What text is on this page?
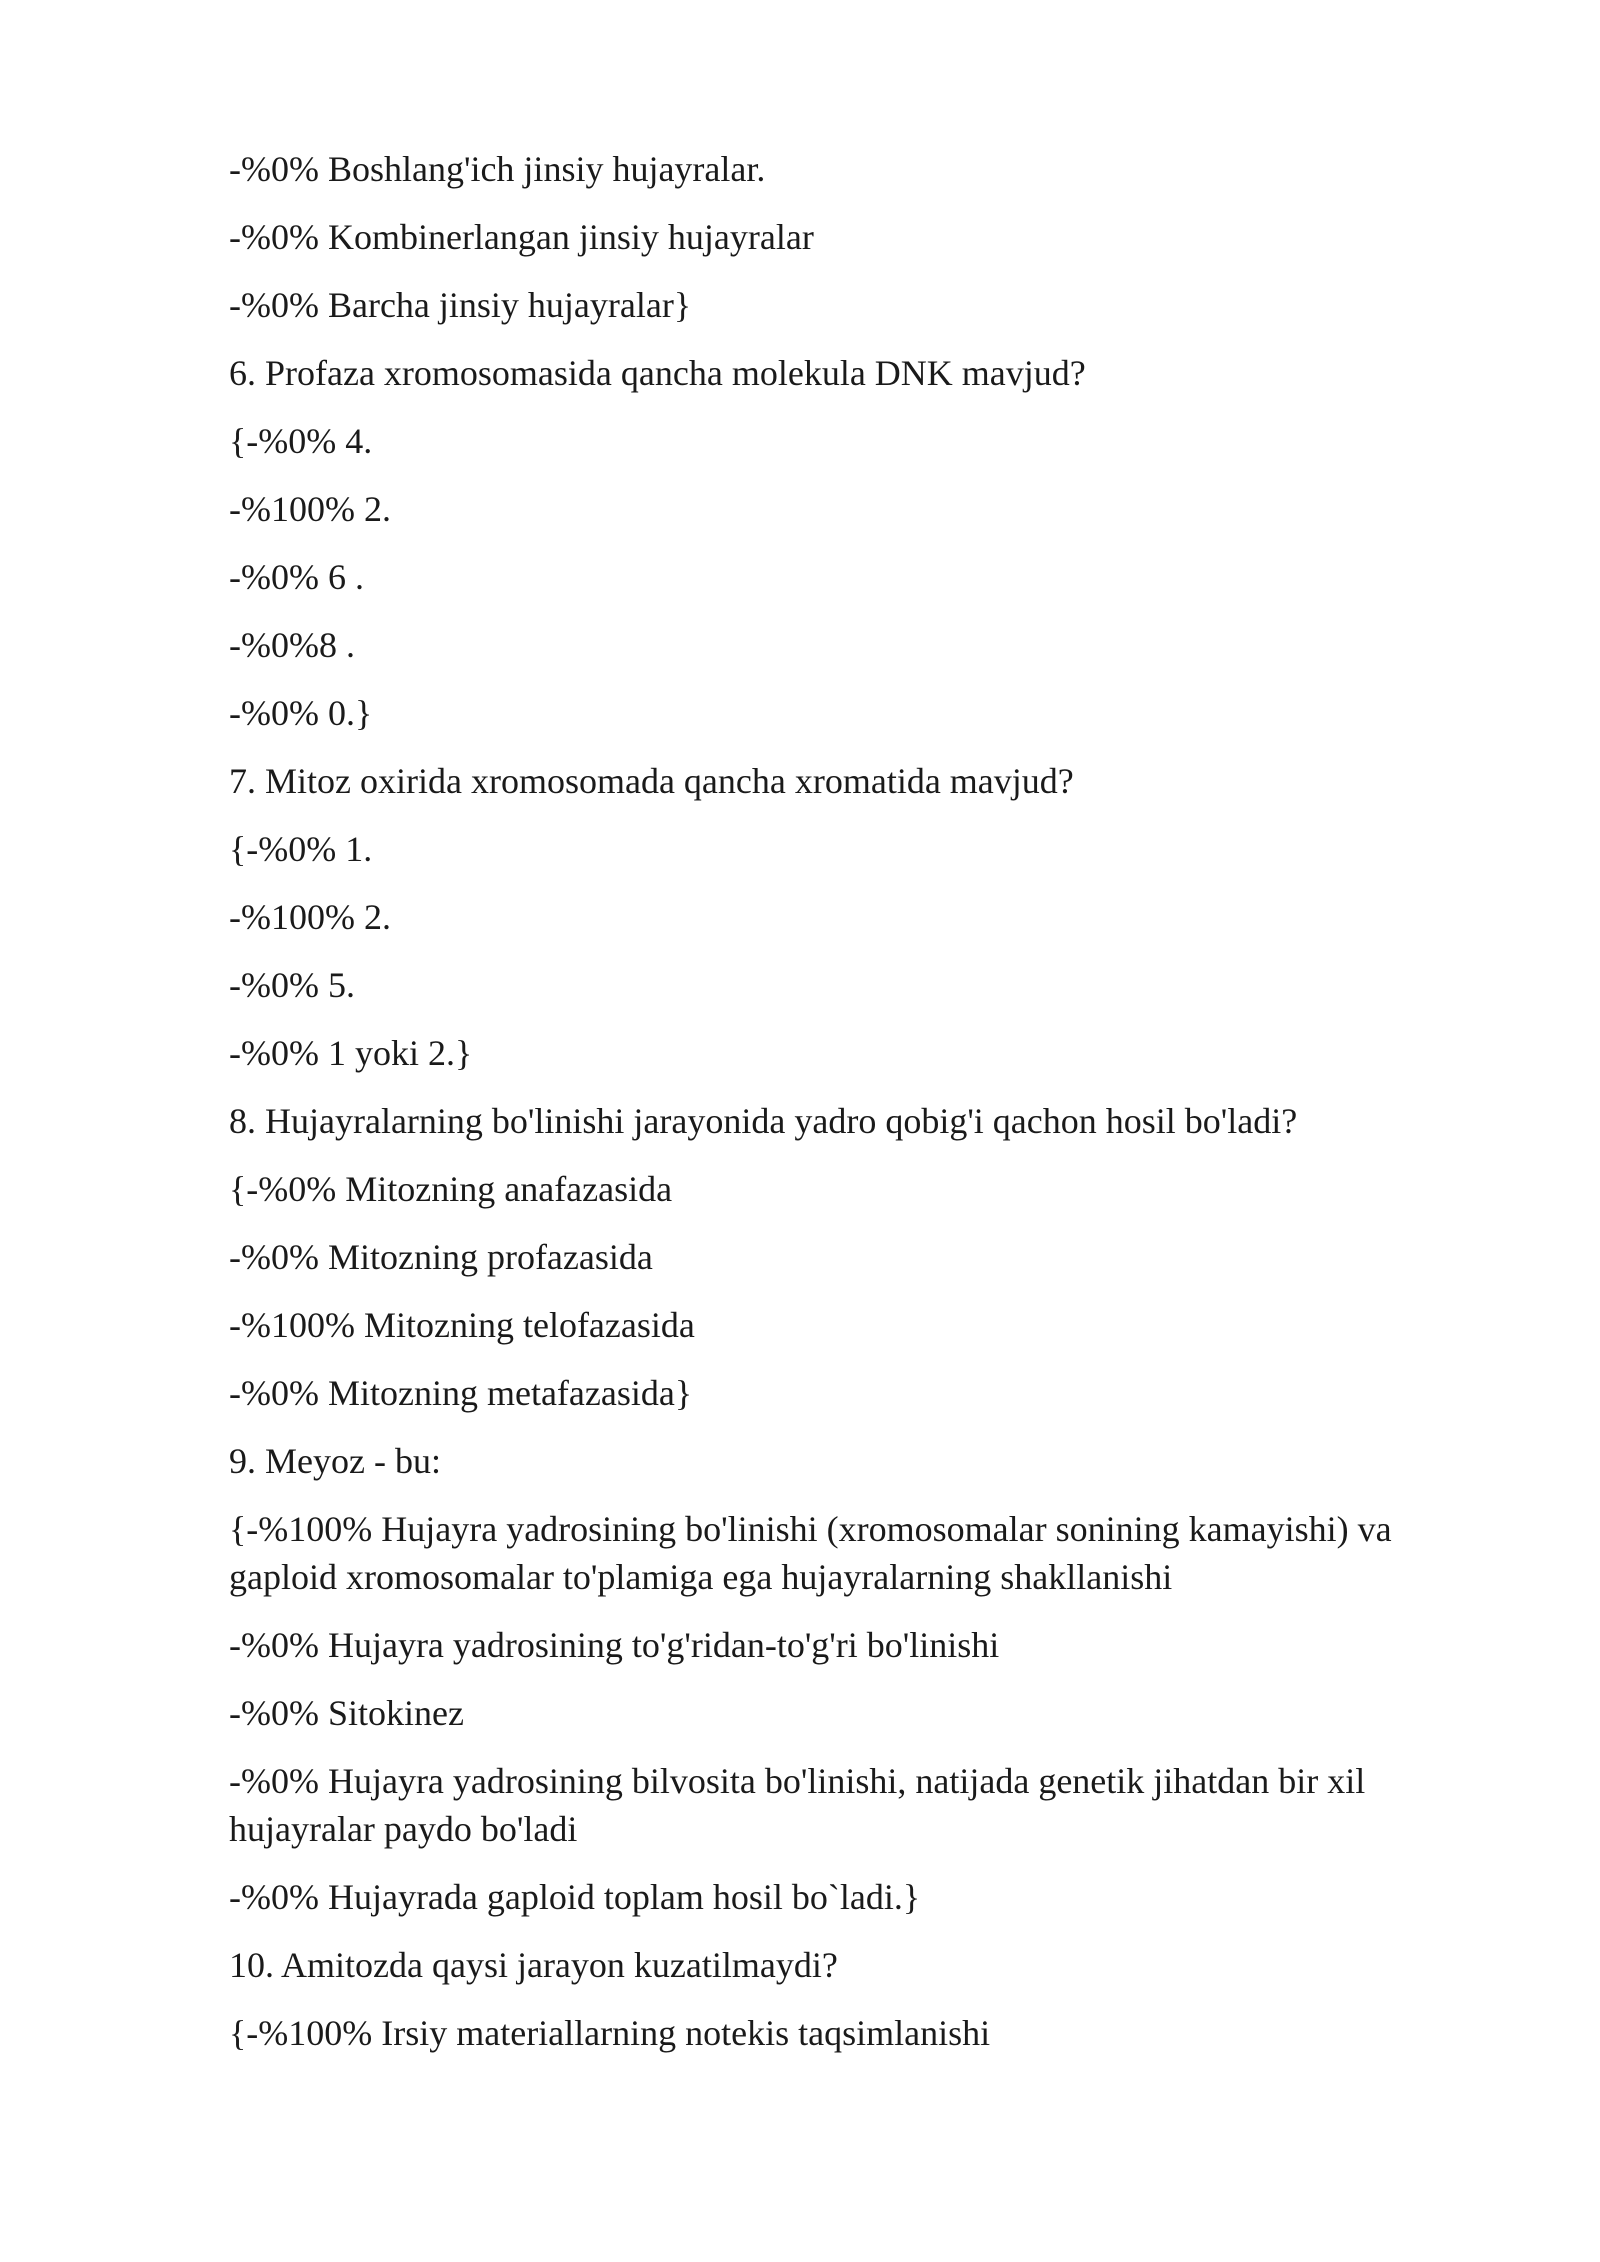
-%0% Boshlang'ich jinsiy hujayralar.

-%0% Kombinerlangan jinsiy hujayralar

-%0% Barcha jinsiy hujayralar}

6. Profaza xromosomasida qancha molekula DNK mavjud?

{-%0% 4.

-%100% 2.

-%0% 6 .

-%0%8 .

-%0% 0.}

7. Mitoz oxirida xromosomada qancha xromatida mavjud?

{-%0% 1.

-%100% 2.

-%0% 5.

-%0% 1 yoki 2.}

8. Hujayralarning bo'linishi jarayonida yadro qobig'i qachon hosil bo'ladi?

{-%0% Mitozning anafazasida

-%0% Mitozning profazasida

-%100% Mitozning telofazasida

-%0% Mitozning metafazasida}

9. Meyoz - bu:

{-%100% Hujayra yadrosining bo'linishi (xromosomalar sonining kamayishi) va gaploid xromosomalar to'plamiga ega hujayralarning shakllanishi

-%0% Hujayra yadrosining to'g'ridan-to'g'ri bo'linishi

-%0% Sitokinez

-%0% Hujayra yadrosining bilvosita bo'linishi, natijada genetik jihatdan bir xil hujayralar paydo bo'ladi

-%0% Hujayrada gaploid toplam hosil bo`ladi.}

10. Amitozda qaysi jarayon kuzatilmaydi?

{-%100% Irsiy materiallarning notekis taqsimlanishi
